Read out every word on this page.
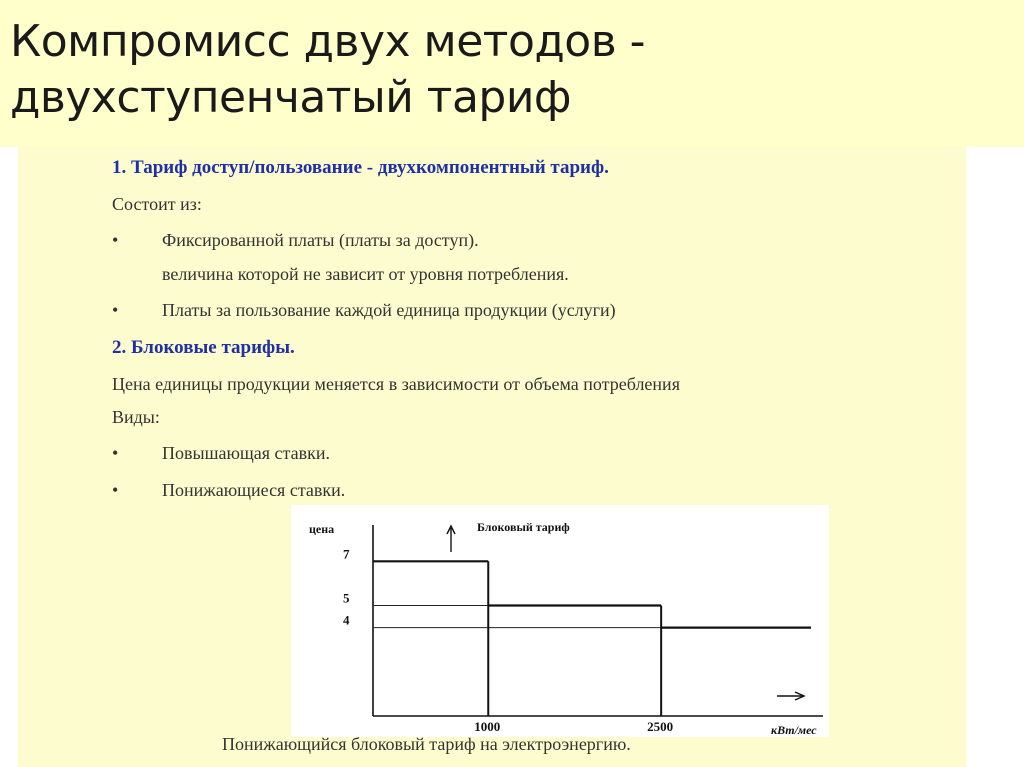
Компромисс двух методов -
двухступенчатый тариф
1. Тариф доступ/пользование - двухкомпонентный тариф.
Состоит из:
• Фиксированной платы (платы за доступ).
величина которой не зависит от уровня потребления.
• Платы за пользование каждой единица продукции (услуги)
2. Блоковые тарифы.
Цена единицы продукции меняется в зависимости от объема потребления
Виды:
• Повышающая ставки.
• Понижающиеся ставки.
Блоковый тариф
цена
кВт/мес
4
5
7
1000	2500
Понижающийся блоковый тариф на электроэнергию.
